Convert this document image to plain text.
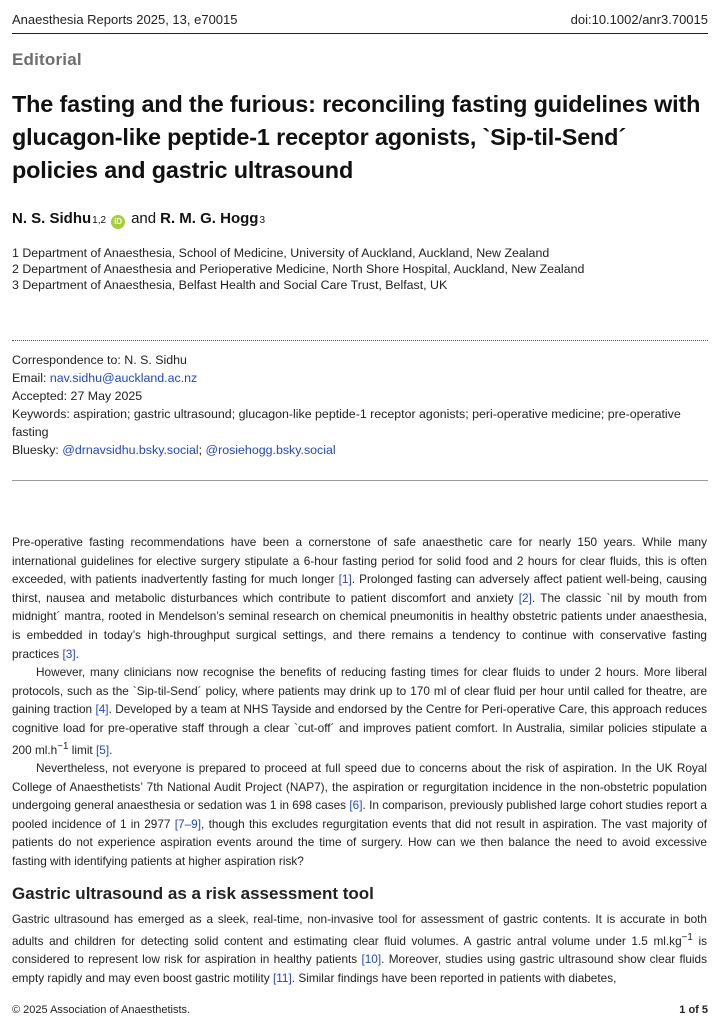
Anaesthesia Reports 2025, 13, e70015	doi:10.1002/anr3.70015
Editorial
The fasting and the furious: reconciling fasting guidelines with glucagon-like peptide-1 receptor agonists, `Sip-til-Send´ policies and gastric ultrasound
N. S. Sidhu 1,2	iD and R. M. G. Hogg 3
1 Department of Anaesthesia, School of Medicine, University of Auckland, Auckland, New Zealand
2 Department of Anaesthesia and Perioperative Medicine, North Shore Hospital, Auckland, New Zealand
3 Department of Anaesthesia, Belfast Health and Social Care Trust, Belfast, UK
Correspondence to: N. S. Sidhu
Email: nav.sidhu@auckland.ac.nz
Accepted: 27 May 2025
Keywords: aspiration; gastric ultrasound; glucagon-like peptide-1 receptor agonists; peri-operative medicine; pre-operative fasting
Bluesky: @drnavsidhu.bsky.social; @rosiehogg.bsky.social

Pre-operative fasting recommendations have been a cornerstone of safe anaesthetic care for nearly 150 years. While many international guidelines for elective surgery stipulate a 6-hour fasting period for solid food and 2 hours for clear fluids, this is often exceeded, with patients inadvertently fasting for much longer [1]. Prolonged fasting can adversely affect patient well-being, causing thirst, nausea and metabolic disturbances which contribute to patient discomfort and anxiety [2]. The classic `nil by mouth from midnight´ mantra, rooted in Mendelson’s seminal research on chemical pneumonitis in healthy obstetric patients under anaesthesia, is embedded in today’s high-throughput surgical settings, and there remains a tendency to continue with conservative fasting practices [3].

However, many clinicians now recognise the benefits of reducing fasting times for clear fluids to under 2 hours. More liberal protocols, such as the `Sip-til-Send´ policy, where patients may drink up to 170 ml of clear fluid per hour until called for theatre, are gaining traction [4]. Developed by a team at NHS Tayside and endorsed by the Centre for Peri-operative Care, this approach reduces cognitive load for pre-operative staff through a clear `cut-off´ and improves patient comfort. In Australia, similar policies stipulate a 200 $ml.h^{-1}$ limit [5].

Nevertheless, not everyone is prepared to proceed at full speed due to concerns about the risk of aspiration. In the UK Royal College of Anaesthetists’ 7th National Audit Project (NAP7), the aspiration or regurgitation incidence in the non-obstetric population undergoing general anaesthesia or sedation was 1 in 698 cases [6]. In comparison, previously published large cohort studies report a pooled incidence of 1 in 2977 [7–9], though this excludes regurgitation events that did not result in aspiration. The vast majority of patients do not experience aspiration events around the time of surgery. How can we then balance the need to avoid excessive fasting with identifying patients at higher aspiration risk?

Gastric ultrasound as a risk assessment tool

Gastric ultrasound has emerged as a sleek, real-time, non-invasive tool for assessment of gastric contents. It is accurate in both adults and children for detecting solid content and estimating clear fluid volumes. A gastric antral volume under 1.5 $ml.kg^{-1}$ is considered to represent low risk for aspiration in healthy patients [10]. Moreover, studies using gastric ultrasound show clear fluids empty rapidly and may even boost gastric motility [11]. Similar findings have been reported in patients with diabetes,

© 2025 Association of Anaesthetists.	1 of 5
